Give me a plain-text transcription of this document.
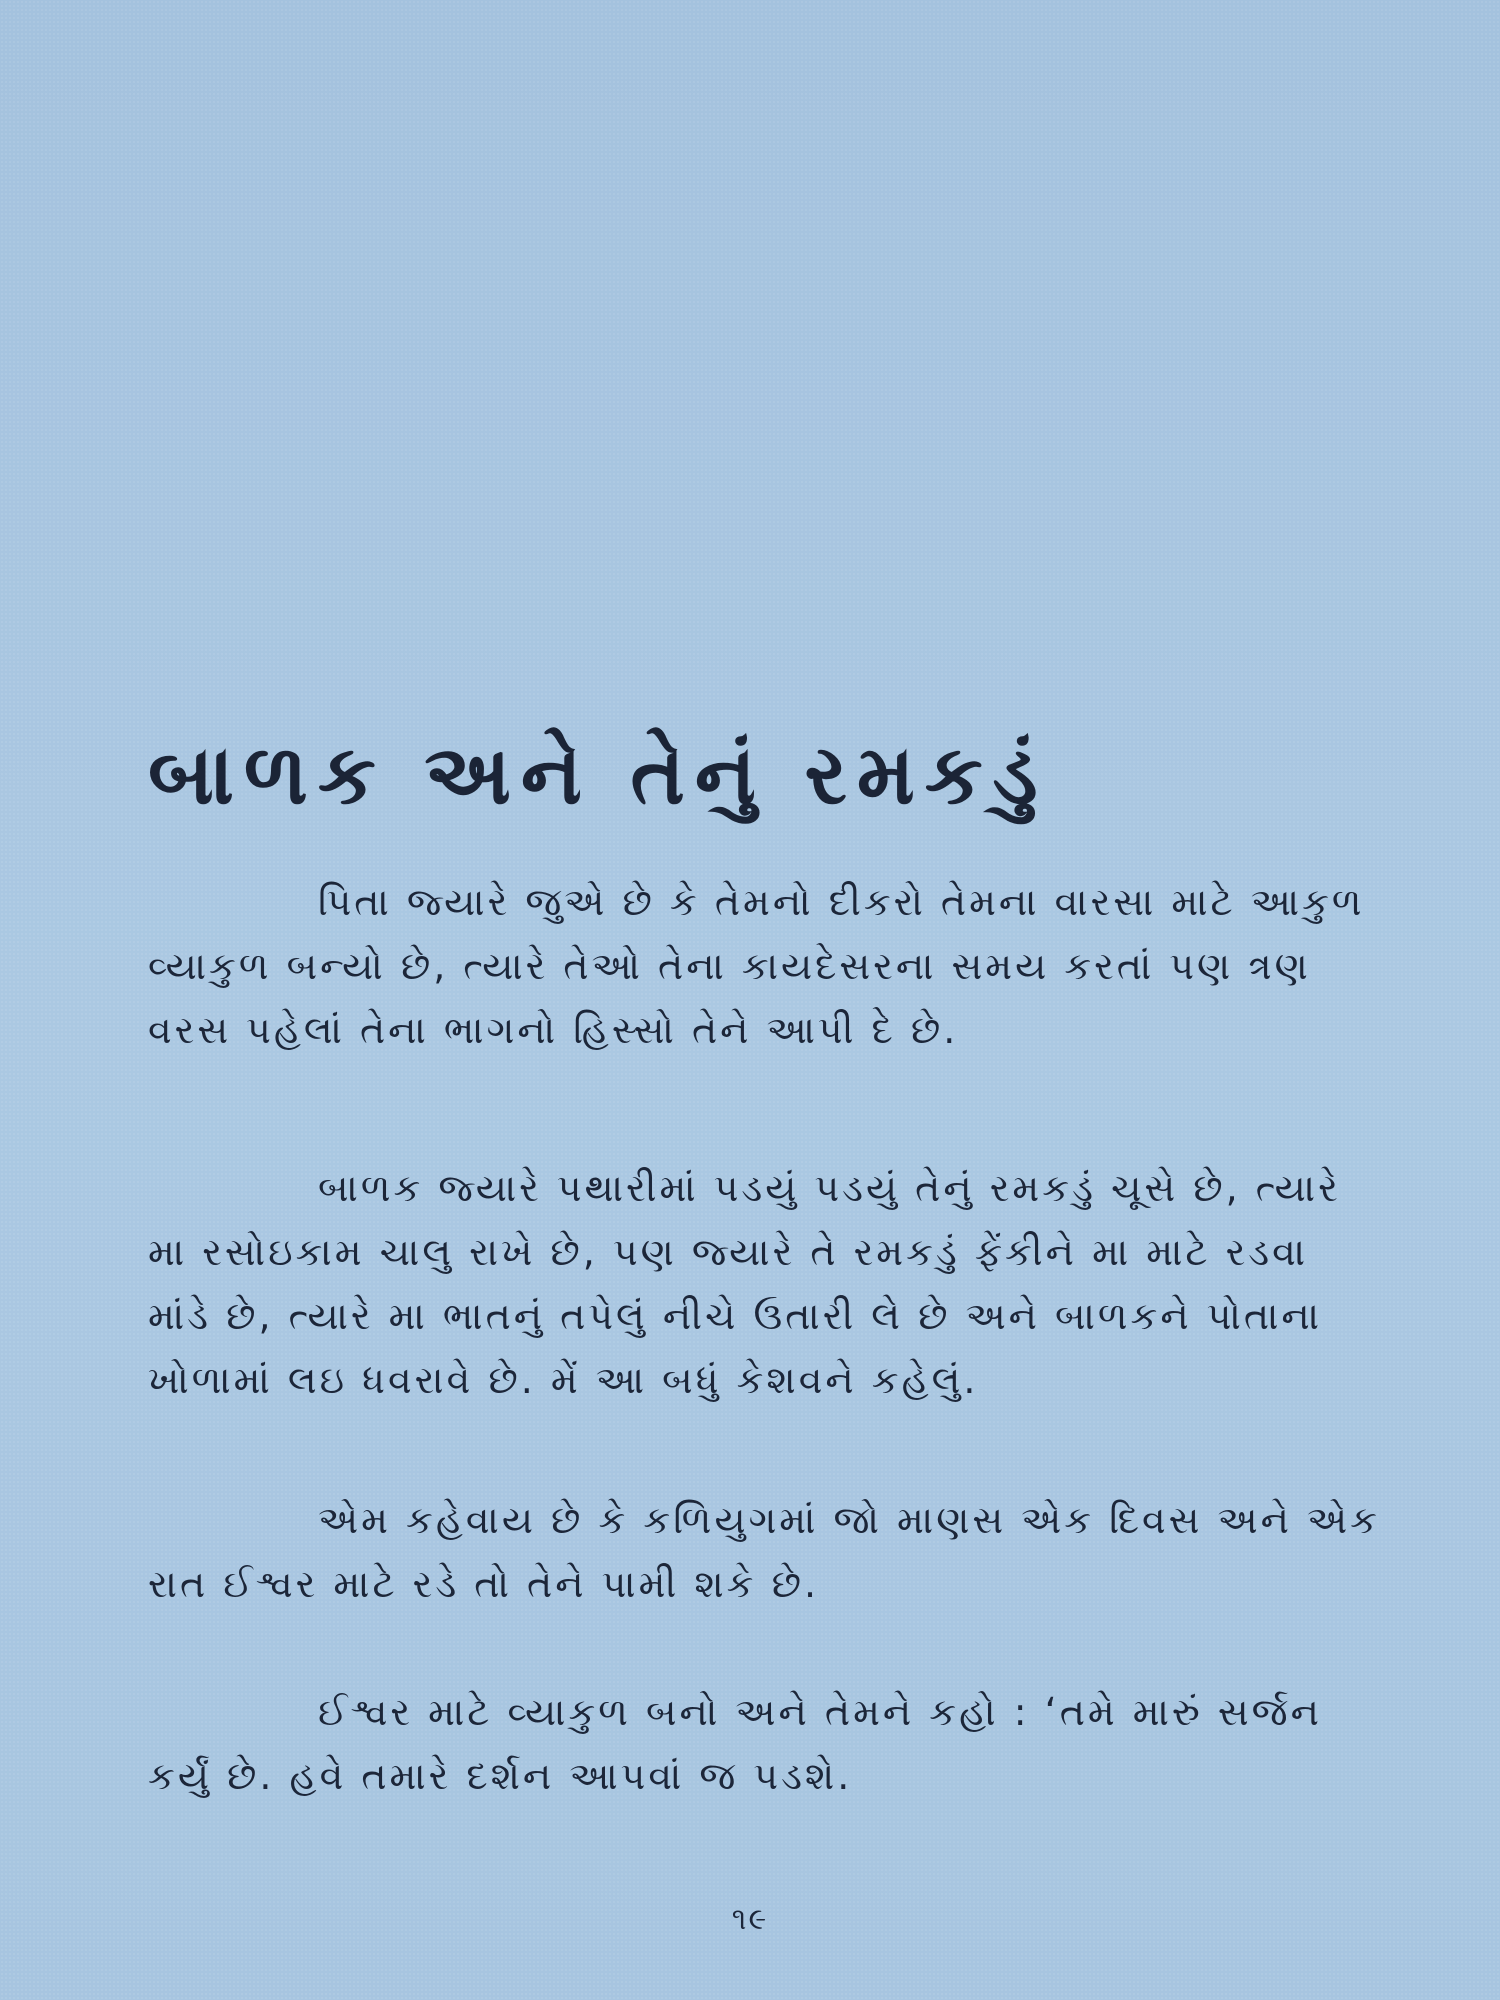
બાળક અને તેનું રમકડું

પિતા જ્યારે જુએ છે કે તેમનો દીકરો તેમના વારસા માટે આકુળ વ્યાકુળ બન્યો છે, ત્યારે તેઓ તેના કાયદેસરના સમય કરતાં પણ ત્રણ વરસ પહેલાં તેના ભાગનો હિસ્સો તેને આપી દે છે.

બાળક જ્યારે પથારીમાં પડયું પડયું તેનું રમકડું ચૂસે છે, ત્યારે મા રસોઇકામ ચાલુ રાખે છે, પણ જ્યારે તે રમકડું ફેંકીને મા માટે રડવા માંડે છે, ત્યારે મા ભાતનું તપેલું નીચે ઉતારી લે છે અને બાળકને પોતાના ખોળામાં લઇ ધવરાવે છે. મેં આ બધું કેશવને કહેલું.

એમ કહેવાય છે કે કળિયુગમાં જો માણસ એક દિવસ અને એક રાત ઈશ્વર માટે રડે તો તેને પામી શકે છે.

ઈશ્વર માટે વ્યાકુળ બનો અને તેમને કહો : ‘તમે મારું સર્જન કર્યું છે. હવે તમારે દર્શન આપવાં જ પડશે.

૧૯
